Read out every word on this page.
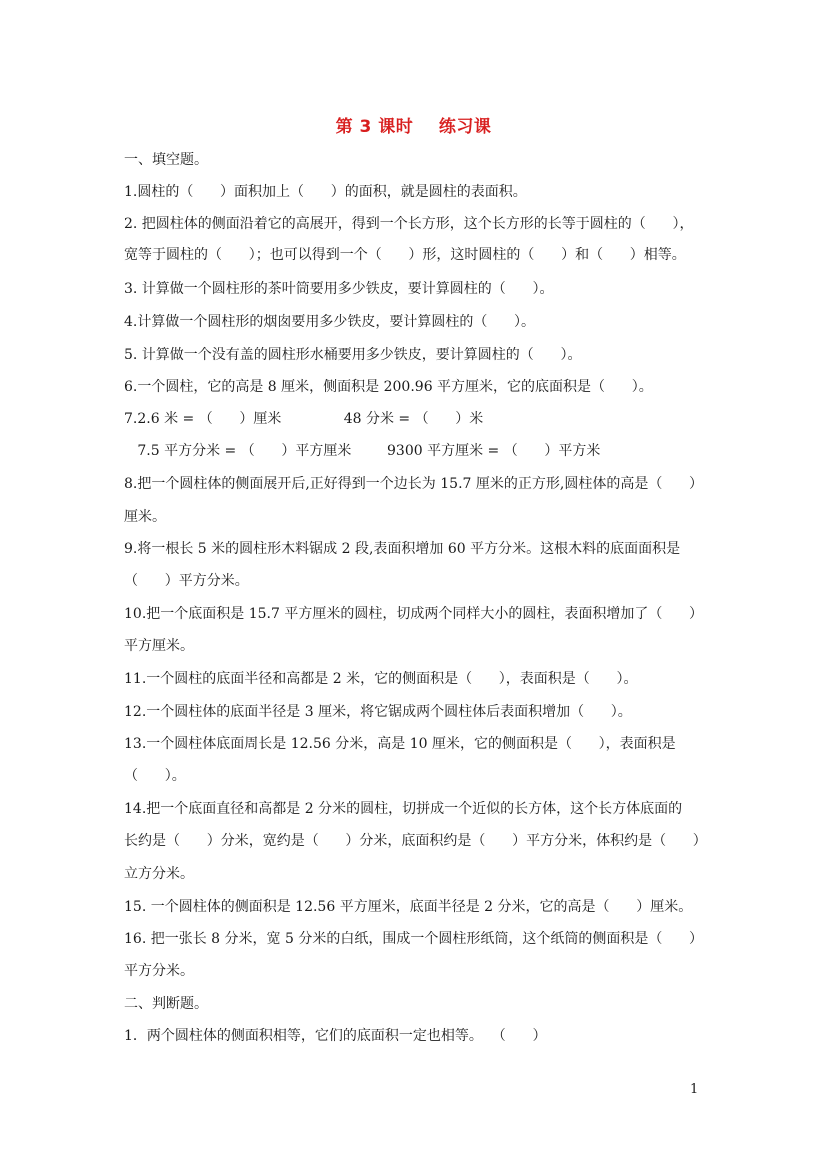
第 3 课时    练习课
一、填空题。
1.圆柱的（      ）面积加上（      ）的面积，就是圆柱的表面积。
2. 把圆柱体的侧面沿着它的高展开，得到一个长方形，这个长方形的长等于圆柱的（      ），
宽等于圆柱的（      ）；也可以得到一个（      ）形，这时圆柱的（      ）和（      ）相等。
3. 计算做一个圆柱形的茶叶筒要用多少铁皮，要计算圆柱的（      ）。
4.计算做一个圆柱形的烟囱要用多少铁皮，要计算圆柱的（      ）。
5. 计算做一个没有盖的圆柱形水桶要用多少铁皮，要计算圆柱的（      ）。
6.一个圆柱，它的高是 8 厘米，侧面积是 200.96 平方厘米，它的底面积是（      ）。
7.2.6 米 = （      ）厘米              48 分米 = （      ）米
7.5 平方分米 = （      ）平方厘米        9300 平方厘米 = （      ）平方米
8.把一个圆柱体的侧面展开后,正好得到一个边长为 15.7 厘米的正方形,圆柱体的高是（      ）
厘米。
9.将一根长 5 米的圆柱形木料锯成 2 段,表面积增加 60 平方分米。这根木料的底面面积是
（      ）平方分米。
10.把一个底面积是 15.7 平方厘米的圆柱，切成两个同样大小的圆柱，表面积增加了（      ）
平方厘米。
11.一个圆柱的底面半径和高都是 2 米，它的侧面积是（      ），表面积是（      ）。
12.一个圆柱体的底面半径是 3 厘米，将它锯成两个圆柱体后表面积增加（      ）。
13.一个圆柱体底面周长是 12.56 分米，高是 10 厘米，它的侧面积是（      ），表面积是
（      ）。
14.把一个底面直径和高都是 2 分米的圆柱，切拼成一个近似的长方体，这个长方体底面的
长约是（      ）分米，宽约是（      ）分米，底面积约是（      ）平方分米，体积约是（      ）
立方分米。
15. 一个圆柱体的侧面积是 12.56 平方厘米，底面半径是 2 分米，它的高是（      ）厘米。
16. 把一张长 8 分米，宽 5 分米的白纸，围成一个圆柱形纸筒，这个纸筒的侧面积是（      ）
平方分米。
二、判断题。
1．两个圆柱体的侧面积相等，它们的底面积一定也相等。  （      ）
1
